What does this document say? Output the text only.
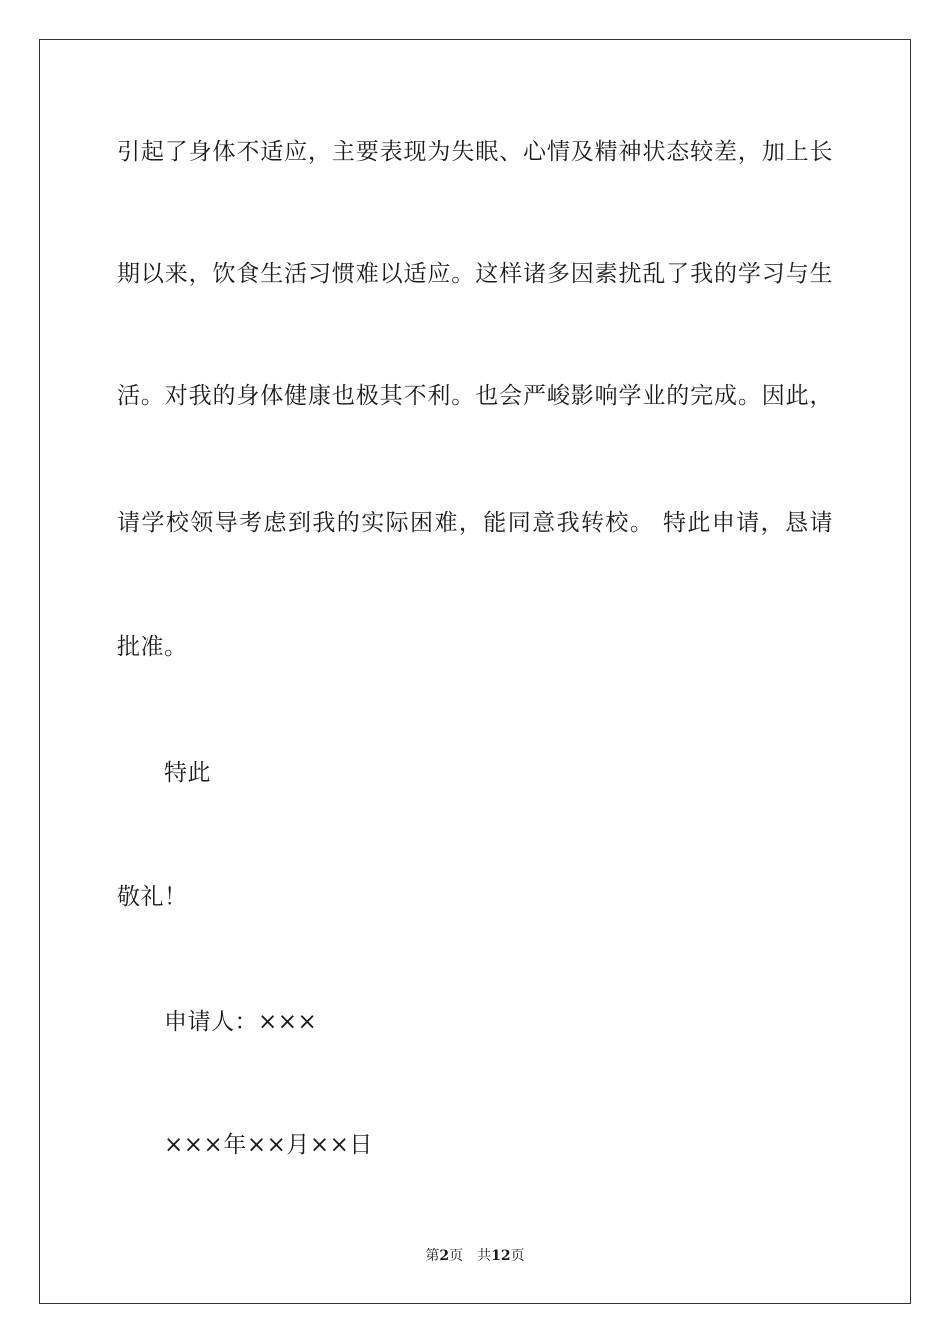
引起了身体不适应，主要表现为失眠、心情及精神状态较差，加上长
期以来，饮食生活习惯难以适应。这样诸多因素扰乱了我的学习与生
活。对我的身体健康也极其不利。也会严峻影响学业的完成。因此，
请学校领导考虑到我的实际困难，能同意我转校。 特此申请，恳请
批准。
特此
敬礼！
申请人：×××
×××年××月××日
第2页 共12页
